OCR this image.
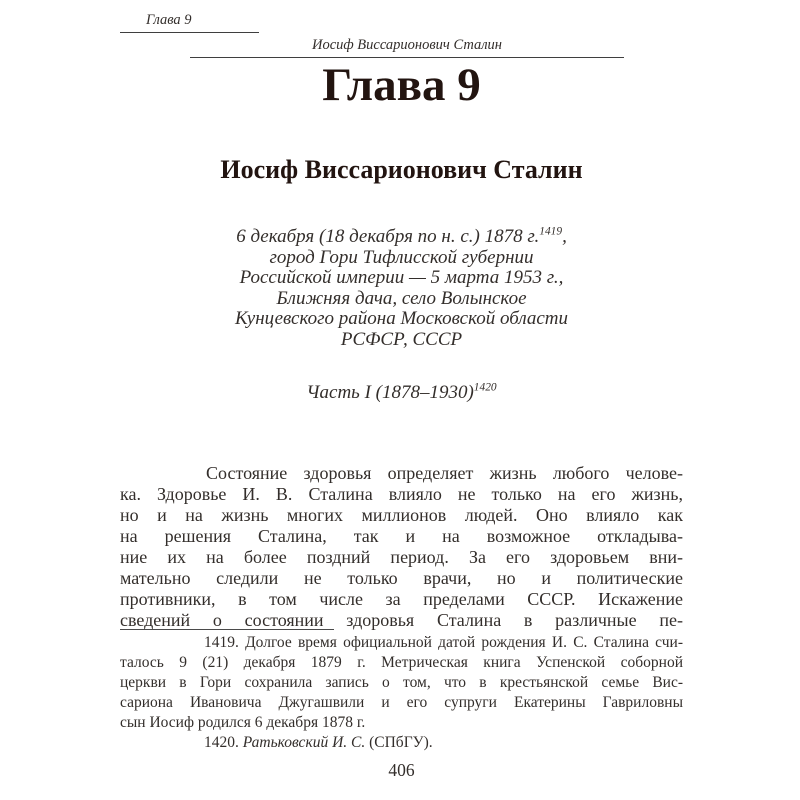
Глава 9
Иосиф Виссарионович Сталин
Глава 9
Иосиф Виссарионович Сталин
6 декабря (18 декабря по н. с.) 1878 г.$^{1419}$,
город Гори Тифлисской губернии
Российской империи — 5 марта 1953 г.,
Ближняя дача, село Волынское
Кунцевского района Московской области
РСФСР, СССР
Часть I (1878–1930)$^{1420}$
Состояние здоровья определяет жизнь любого челове-
ка. Здоровье И. В. Сталина влияло не только на его жизнь,
но и на жизнь многих миллионов людей. Оно влияло как
на решения Сталина, так и на возможное откладыва-
ние их на более поздний период. За его здоровьем вни-
мательно следили не только врачи, но и политические
противники, в том числе за пределами СССР. Искажение
сведений о состоянии здоровья Сталина в различные пе-
1419. Долгое время официальной датой рождения И. С. Сталина счи-
талось 9 (21) декабря 1879 г. Метрическая книга Успенской соборной
церкви в Гори сохранила запись о том, что в крестьянской семье Вис-
сариона Ивановича Джугашвили и его супруги Екатерины Гавриловны
сын Иосиф родился 6 декабря 1878 г.
1420. Ратьковский И. С. (СПбГУ).
406
